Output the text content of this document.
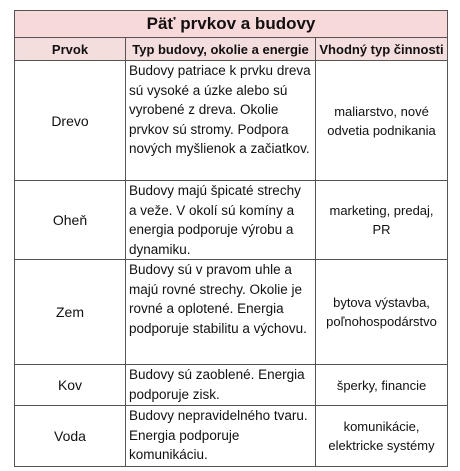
Päť prvkov a budovy		
Prvok	Typ budovy, okolie a energie	Vhodný typ činnosti
Drevo	Budovy patriace k prvku dreva sú vysoké a úzke alebo sú vyrobené z dreva. Okolie prvkov sú stromy. Podpora nových myšlienok a začiatkov.	maliarstvo, nové odvetia podnikania
Oheň	Budovy majú špicaté strechy a veže. V okolí sú komíny a energia podporuje výrobu a dynamiku.	marketing, predaj, PR
Zem	Budovy sú v pravom uhle a majú rovné strechy. Okolie je rovné a oplotené. Energia podporuje stabilitu a výchovu.	bytova výstavba, poľnohospodárstvo
Kov	Budovy sú zaoblené. Energia podporuje zisk.	šperky, financie
Voda	Budovy nepravidelného tvaru. Energia podporuje komunikáciu.	komunikácie, elektricke systémy
